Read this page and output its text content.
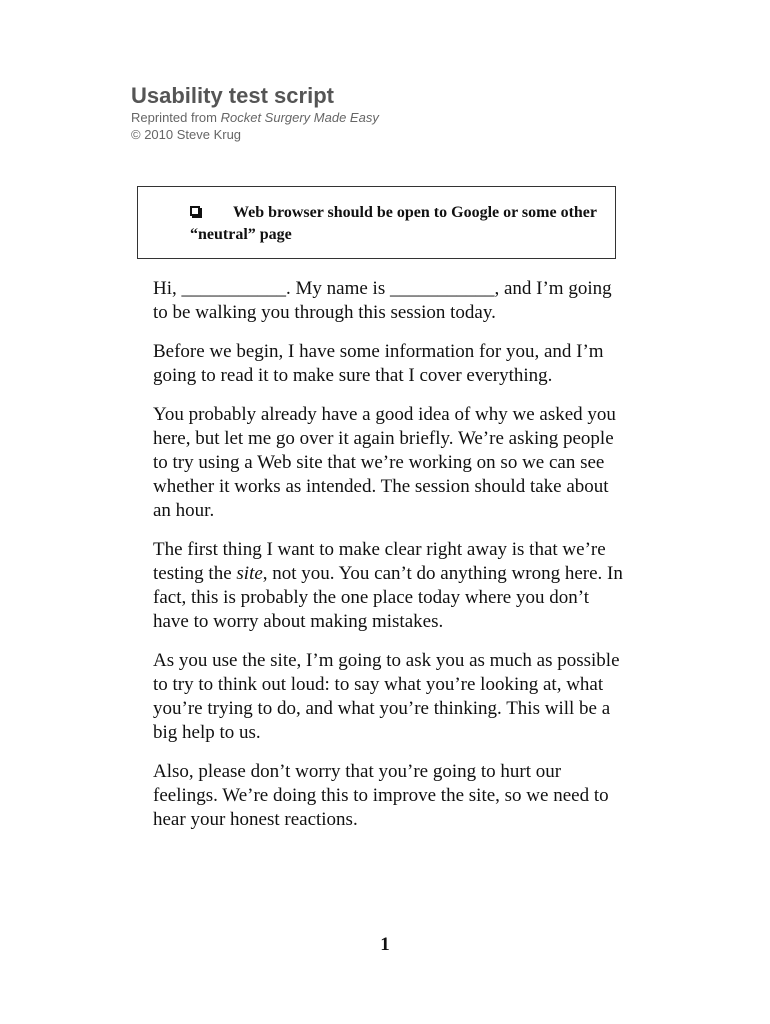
Usability test script
Reprinted from Rocket Surgery Made Easy
© 2010 Steve Krug
Web browser should be open to Google or some other “neutral” page

Hi, ___________. My name is ___________, and I’m going to be walking you through this session today.

Before we begin, I have some information for you, and I’m going to read it to make sure that I cover everything.

You probably already have a good idea of why we asked you here, but let me go over it again briefly. We’re asking people to try using a Web site that we’re working on so we can see whether it works as intended. The session should take about an hour.

The first thing I want to make clear right away is that we’re testing the site, not you. You can’t do anything wrong here. In fact, this is probably the one place today where you don’t have to worry about making mistakes.

As you use the site, I’m going to ask you as much as possible to try to think out loud: to say what you’re looking at, what you’re trying to do, and what you’re thinking. This will be a big help to us.

Also, please don’t worry that you’re going to hurt our feelings. We’re doing this to improve the site, so we need to hear your honest reactions.

1
